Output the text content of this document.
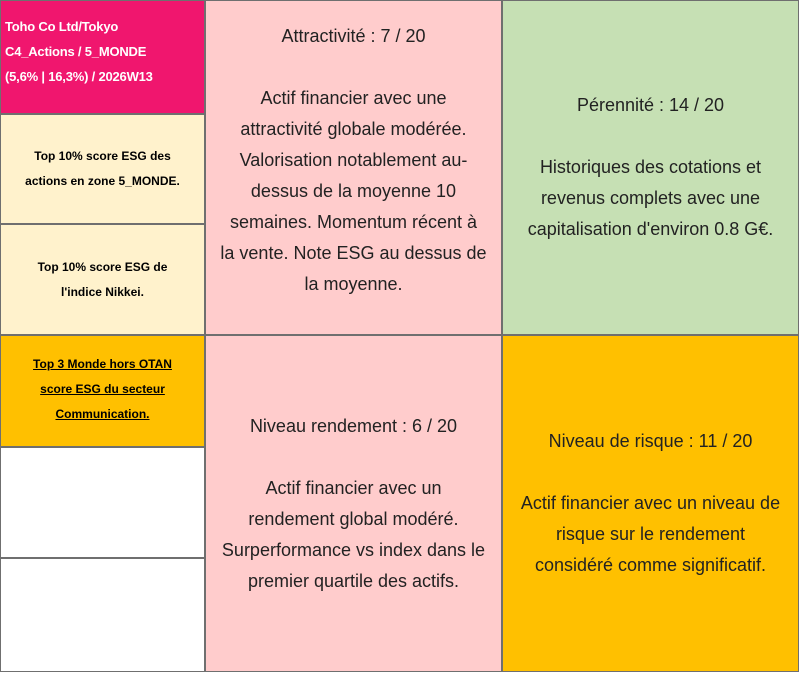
Toho Co Ltd/Tokyo
C4_Actions / 5_MONDE
(5,6% | 16,3%) / 2026W13
Top 10% score ESG des
actions en zone 5_MONDE.
Top 10% score ESG de
l'indice Nikkei.
Top 3 Monde hors OTAN
score ESG du secteur
Communication.

Attractivité : 7 / 20

Actif financier avec une
attractivité globale modérée.
Valorisation notablement au-
dessus de la moyenne 10
semaines. Momentum récent à
la vente. Note ESG au dessus de
la moyenne.

Pérennité : 14 / 20

Historiques des cotations et
revenus complets avec une
capitalisation d'environ 0.8 G€.

Niveau rendement : 6 / 20

Actif financier avec un
rendement global modéré.
Surperformance vs index dans le
premier quartile des actifs.

Niveau de risque : 11 / 20

Actif financier avec un niveau de
risque sur le rendement
considéré comme significatif.
